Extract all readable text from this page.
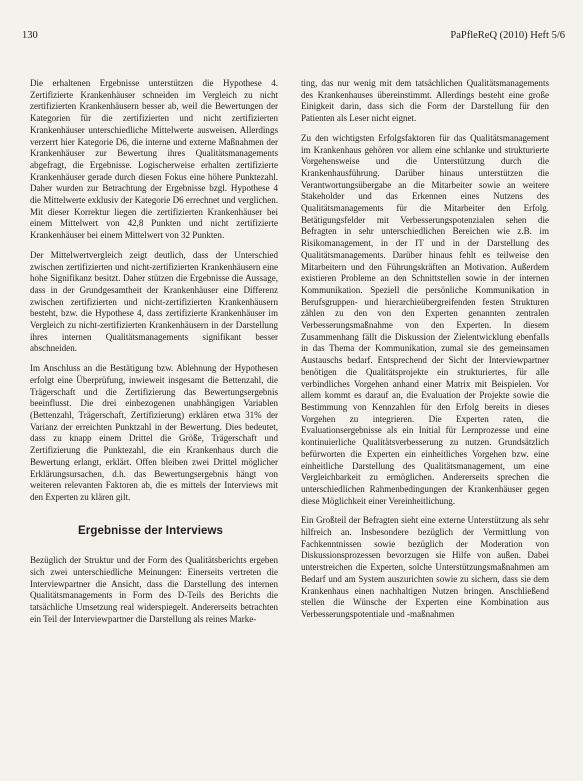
130	PaPfleReQ (2010) Heft 5/6

Die erhaltenen Ergebnisse unterstützen die Hypothese 4. Zertifizierte Krankenhäuser schneiden im Vergleich zu nicht zertifizierten Krankenhäusern besser ab, weil die Bewertungen der Kategorien für die zertifizierten und nicht zertifizierten Krankenhäuser unterschiedliche Mittelwerte ausweisen. Allerdings verzerrt hier Kategorie D6, die interne und externe Maßnahmen der Krankenhäuser zur Bewertung ihres Qualitätsmanagements abgefragt, die Ergebnisse. Logischerweise erhalten zertifizierte Krankenhäuser gerade durch diesen Fokus eine höhere Punktezahl. Daher wurden zur Betrachtung der Ergebnisse bzgl. Hypothese 4 die Mittelwerte exklusiv der Kategorie D6 errechnet und verglichen. Mit dieser Korrektur liegen die zertifizierten Krankenhäuser bei einem Mittelwert von 42,8 Punkten und nicht zertifizierte Krankenhäuser bei einem Mittelwert von 32 Punkten.

Der Mittelwertvergleich zeigt deutlich, dass der Unterschied zwischen zertifizierten und nicht-zertifizierten Krankenhäusern eine hohe Signifikanz besitzt. Daher stützen die Ergebnisse die Aussage, dass in der Grundgesamtheit der Krankenhäuser eine Differenz zwischen zertifizierten und nicht-zertifizierten Krankenhäusern besteht, bzw. die Hypothese 4, dass zertifizierte Krankenhäuser im Vergleich zu nicht-zertifizierten Krankenhäusern in der Darstellung ihres internen Qualitätsmanagements signifikant besser abschneiden.

Im Anschluss an die Bestätigung bzw. Ablehnung der Hypothesen erfolgt eine Überprüfung, inwieweit insgesamt die Bettenzahl, die Trägerschaft und die Zertifizierung das Bewertungsergebnis beeinflusst. Die drei einbezogenen unabhängigen Variablen (Bettenzahl, Trägerschaft, Zertifizierung) erklären etwa 31% der Varianz der erreichten Punktzahl in der Bewertung. Dies bedeutet, dass zu knapp einem Drittel die Größe, Trägerschaft und Zertifizierung die Punktezahl, die ein Krankenhaus durch die Bewertung erlangt, erklärt. Offen bleiben zwei Drittel möglicher Erklärungsursachen, d.h. das Bewertungsergebnis hängt von weiteren relevanten Faktoren ab, die es mittels der Interviews mit den Experten zu klären gilt.

Ergebnisse der Interviews

Bezüglich der Struktur und der Form des Qualitätsberichts ergeben sich zwei unterschiedliche Meinungen: Einerseits vertreten die Interviewpartner die Ansicht, dass die Darstellung des internen Qualitätsmanagements in Form des D-Teils des Berichts die tatsächliche Umsetzung real widerspiegelt. Andererseits betrachten ein Teil der Interviewpartner die Darstellung als reines Marke-

ting, das nur wenig mit dem tatsächlichen Qualitätsmanagements des Krankenhauses übereinstimmt. Allerdings besteht eine große Einigkeit darin, dass sich die Form der Darstellung für den Patienten als Leser nicht eignet.

Zu den wichtigsten Erfolgsfaktoren für das Qualitätsmanagement im Krankenhaus gehören vor allem eine schlanke und strukturierte Vorgehensweise und die Unterstützung durch die Krankenhausführung. Darüber hinaus unterstützen die Verantwortungsübergabe an die Mitarbeiter sowie an weitere Stakeholder und das Erkennen eines Nutzens des Qualitätsmanagements für die Mitarbeiter den Erfolg. Betätigungsfelder mit Verbesserungspotenzialen sehen die Befragten in sehr unterschiedlichen Bereichen wie z.B. im Risikomanagement, in der IT und in der Darstellung des Qualitätsmanagements. Darüber hinaus fehlt es teilweise den Mitarbeitern und den Führungskräften an Motivation. Außerdem existieren Probleme an den Schnittstellen sowie in der internen Kommunikation. Speziell die persönliche Kommunikation in Berufsgruppen- und hierarchieübergreifenden festen Strukturen zählen zu den von den Experten genannten zentralen Verbesserungsmaßnahme von den Experten. In diesem Zusammenhang fällt die Diskussion der Zielentwicklung ebenfalls in das Thema der Kommunikation, zumal sie des gemeinsamen Austauschs bedarf. Entsprechend der Sicht der Interviewpartner benötigen die Qualitätsprojekte ein strukturiertes, für alle verbindliches Vorgehen anhand einer Matrix mit Beispielen. Vor allem kommt es darauf an, die Evaluation der Projekte sowie die Bestimmung von Kennzahlen für den Erfolg bereits in dieses Vorgehen zu integrieren. Die Experten raten, die Evaluationsergebnisse als ein Initial für Lernprozesse und eine kontinuierliche Qualitätsverbesserung zu nutzen. Grundsätzlich befürworten die Experten ein einheitliches Vorgehen bzw. eine einheitliche Darstellung des Qualitätsmanagement, um eine Vergleichbarkeit zu ermöglichen. Andererseits sprechen die unterschiedlichen Rahmenbedingungen der Krankenhäuser gegen diese Möglichkeit einer Vereinheitlichung.

Ein Großteil der Befragten sieht eine externe Unterstützung als sehr hilfreich an. Insbesondere bezüglich der Vermittlung von Fachkenntnissen sowie bezüglich der Moderation von Diskussionsprozessen bevorzugen sie Hilfe von außen. Dabei unterstreichen die Experten, solche Unterstützungsmaßnahmen am Bedarf und am System auszurichten sowie zu sichern, dass sie dem Krankenhaus einen nachhaltigen Nutzen bringen. Anschließend stellen die Wünsche der Experten eine Kombination aus Verbesserungspotentiale und -maßnahmen
